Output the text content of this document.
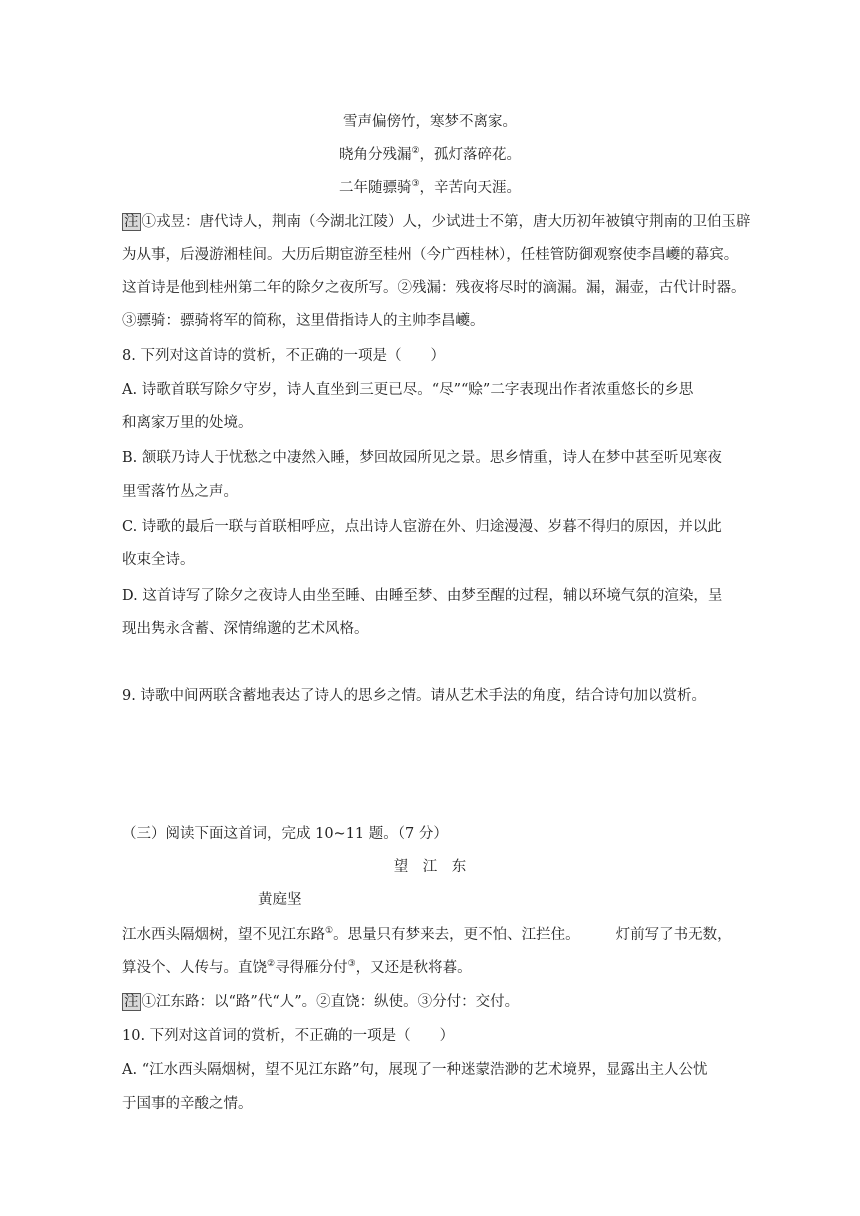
雪声偏傍竹，寒梦不离家。
晓角分残漏②，孤灯落碎花。
二年随骠骑③，辛苦向天涯。
注 ①戎昱：唐代诗人，荆南（今湖北江陵）人，少试进士不第，唐大历初年被镇守荆南的卫伯玉辟
为从事，后漫游湘桂间。大历后期宦游至桂州（今广西桂林），任桂管防御观察使李昌巙的幕宾。
这首诗是他到桂州第二年的除夕之夜所写。②残漏：残夜将尽时的滴漏。漏，漏壶，古代计时器。
③骠骑：骠骑将军的简称，这里借指诗人的主帅李昌巙。
8. 下列对这首诗的赏析，不正确的一项是（　　）
A. 诗歌首联写除夕守岁，诗人直坐到三更已尽。“尽”“赊”二字表现出作者浓重悠长的乡思
和离家万里的处境。
B. 颔联乃诗人于忧愁之中凄然入睡，梦回故园所见之景。思乡情重，诗人在梦中甚至听见寒夜
里雪落竹丛之声。
C. 诗歌的最后一联与首联相呼应，点出诗人宦游在外、归途漫漫、岁暮不得归的原因，并以此
收束全诗。
D. 这首诗写了除夕之夜诗人由坐至睡、由睡至梦、由梦至醒的过程，辅以环境气氛的渲染，呈
现出隽永含蓄、深情绵邈的艺术风格。
9. 诗歌中间两联含蓄地表达了诗人的思乡之情。请从艺术手法的角度，结合诗句加以赏析。
（三）阅读下面这首词，完成 10~11 题。（7 分）
望　江　东
黄庭坚
江水西头隔烟树，望不见江东路①。思量只有梦来去，更不怕、江拦住。 灯前写了书无数，
算没个、人传与。直饶②寻得雁分付③，又还是秋将暮。
注 ①江东路：以“路”代“人”。②直饶：纵使。③分付：交付。
10. 下列对这首词的赏析，不正确的一项是（　　）
A. “江水西头隔烟树，望不见江东路”句，展现了一种迷蒙浩渺的艺术境界，显露出主人公忧
于国事的辛酸之情。
